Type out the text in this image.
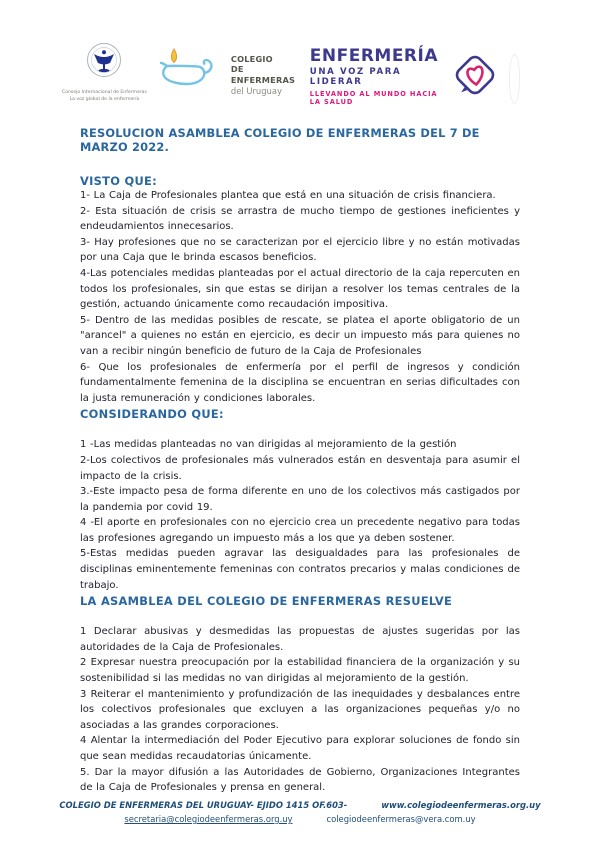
Consejo Internacional de Enfermeras
La voz global de la enfermería
COLEGIO
DE ENFERMERAS
del Uruguay
ENFERMERÍA
UNA VOZ PARA LIDERAR
LLEVANDO AL MUNDO HACIA LA SALUD
RESOLUCION ASAMBLEA COLEGIO DE ENFERMERAS DEL 7 DE MARZO 2022.
VISTO QUE:

1- La Caja de Profesionales plantea que está en una situación de crisis financiera.

2- Esta situación de crisis se arrastra de mucho tiempo de gestiones ineficientes y endeudamientos innecesarios.

3- Hay profesiones que no se caracterizan por el ejercicio libre y no están motivadas por una Caja que le brinda escasos beneficios.

4-Las potenciales medidas planteadas por el actual directorio de la caja repercuten en todos los profesionales, sin que estas se dirijan a resolver los temas centrales de la gestión, actuando únicamente como recaudación impositiva.

5- Dentro de las medidas posibles de rescate, se platea el aporte obligatorio de un "arancel" a quienes no están en ejercicio, es decir un impuesto más para quienes no van a recibir ningún beneficio de futuro de la Caja de Profesionales

6- Que los profesionales de enfermería por el perfil de ingresos y condición fundamentalmente femenina de la disciplina se encuentran en serias dificultades con la justa remuneración y condiciones laborales.

CONSIDERANDO QUE:

1 -Las medidas planteadas no van dirigidas al mejoramiento de la gestión

2-Los colectivos de profesionales más vulnerados están en desventaja para asumir el impacto de la crisis.

3.-Este impacto pesa de forma diferente en uno de los colectivos más castigados por la pandemia por covid 19.

4 -El aporte en profesionales con no ejercicio crea un precedente negativo para todas las profesiones agregando un impuesto más a los que ya deben sostener.

5-Estas medidas pueden agravar las desigualdades para las profesionales de disciplinas eminentemente femeninas con contratos precarios y malas condiciones de trabajo.

LA ASAMBLEA DEL COLEGIO DE ENFERMERAS RESUELVE

1 Declarar abusivas y desmedidas las propuestas de ajustes sugeridas por las autoridades de la Caja de Profesionales.

2 Expresar nuestra preocupación por la estabilidad financiera de la organización y su sostenibilidad si las medidas no van dirigidas al mejoramiento de la gestión.

3 Reiterar el mantenimiento y profundización de las inequidades y desbalances entre los colectivos profesionales que excluyen a las organizaciones pequeñas y/o no asociadas a las grandes corporaciones.

4 Alentar la intermediación del Poder Ejecutivo para explorar soluciones de fondo sin que sean medidas recaudatorias únicamente.

5. Dar la mayor difusión a las Autoridades de Gobierno, Organizaciones Integrantes de la Caja de Profesionales y prensa en general.

COLEGIO DE ENFERMERAS DEL URUGUAY- EJIDO 1415 OF.603-	www.colegiodeenfermeras.org.uy
secretaria@colegiodeenfermeras.org.uy	colegiodeenfermeras@vera.com.uy
